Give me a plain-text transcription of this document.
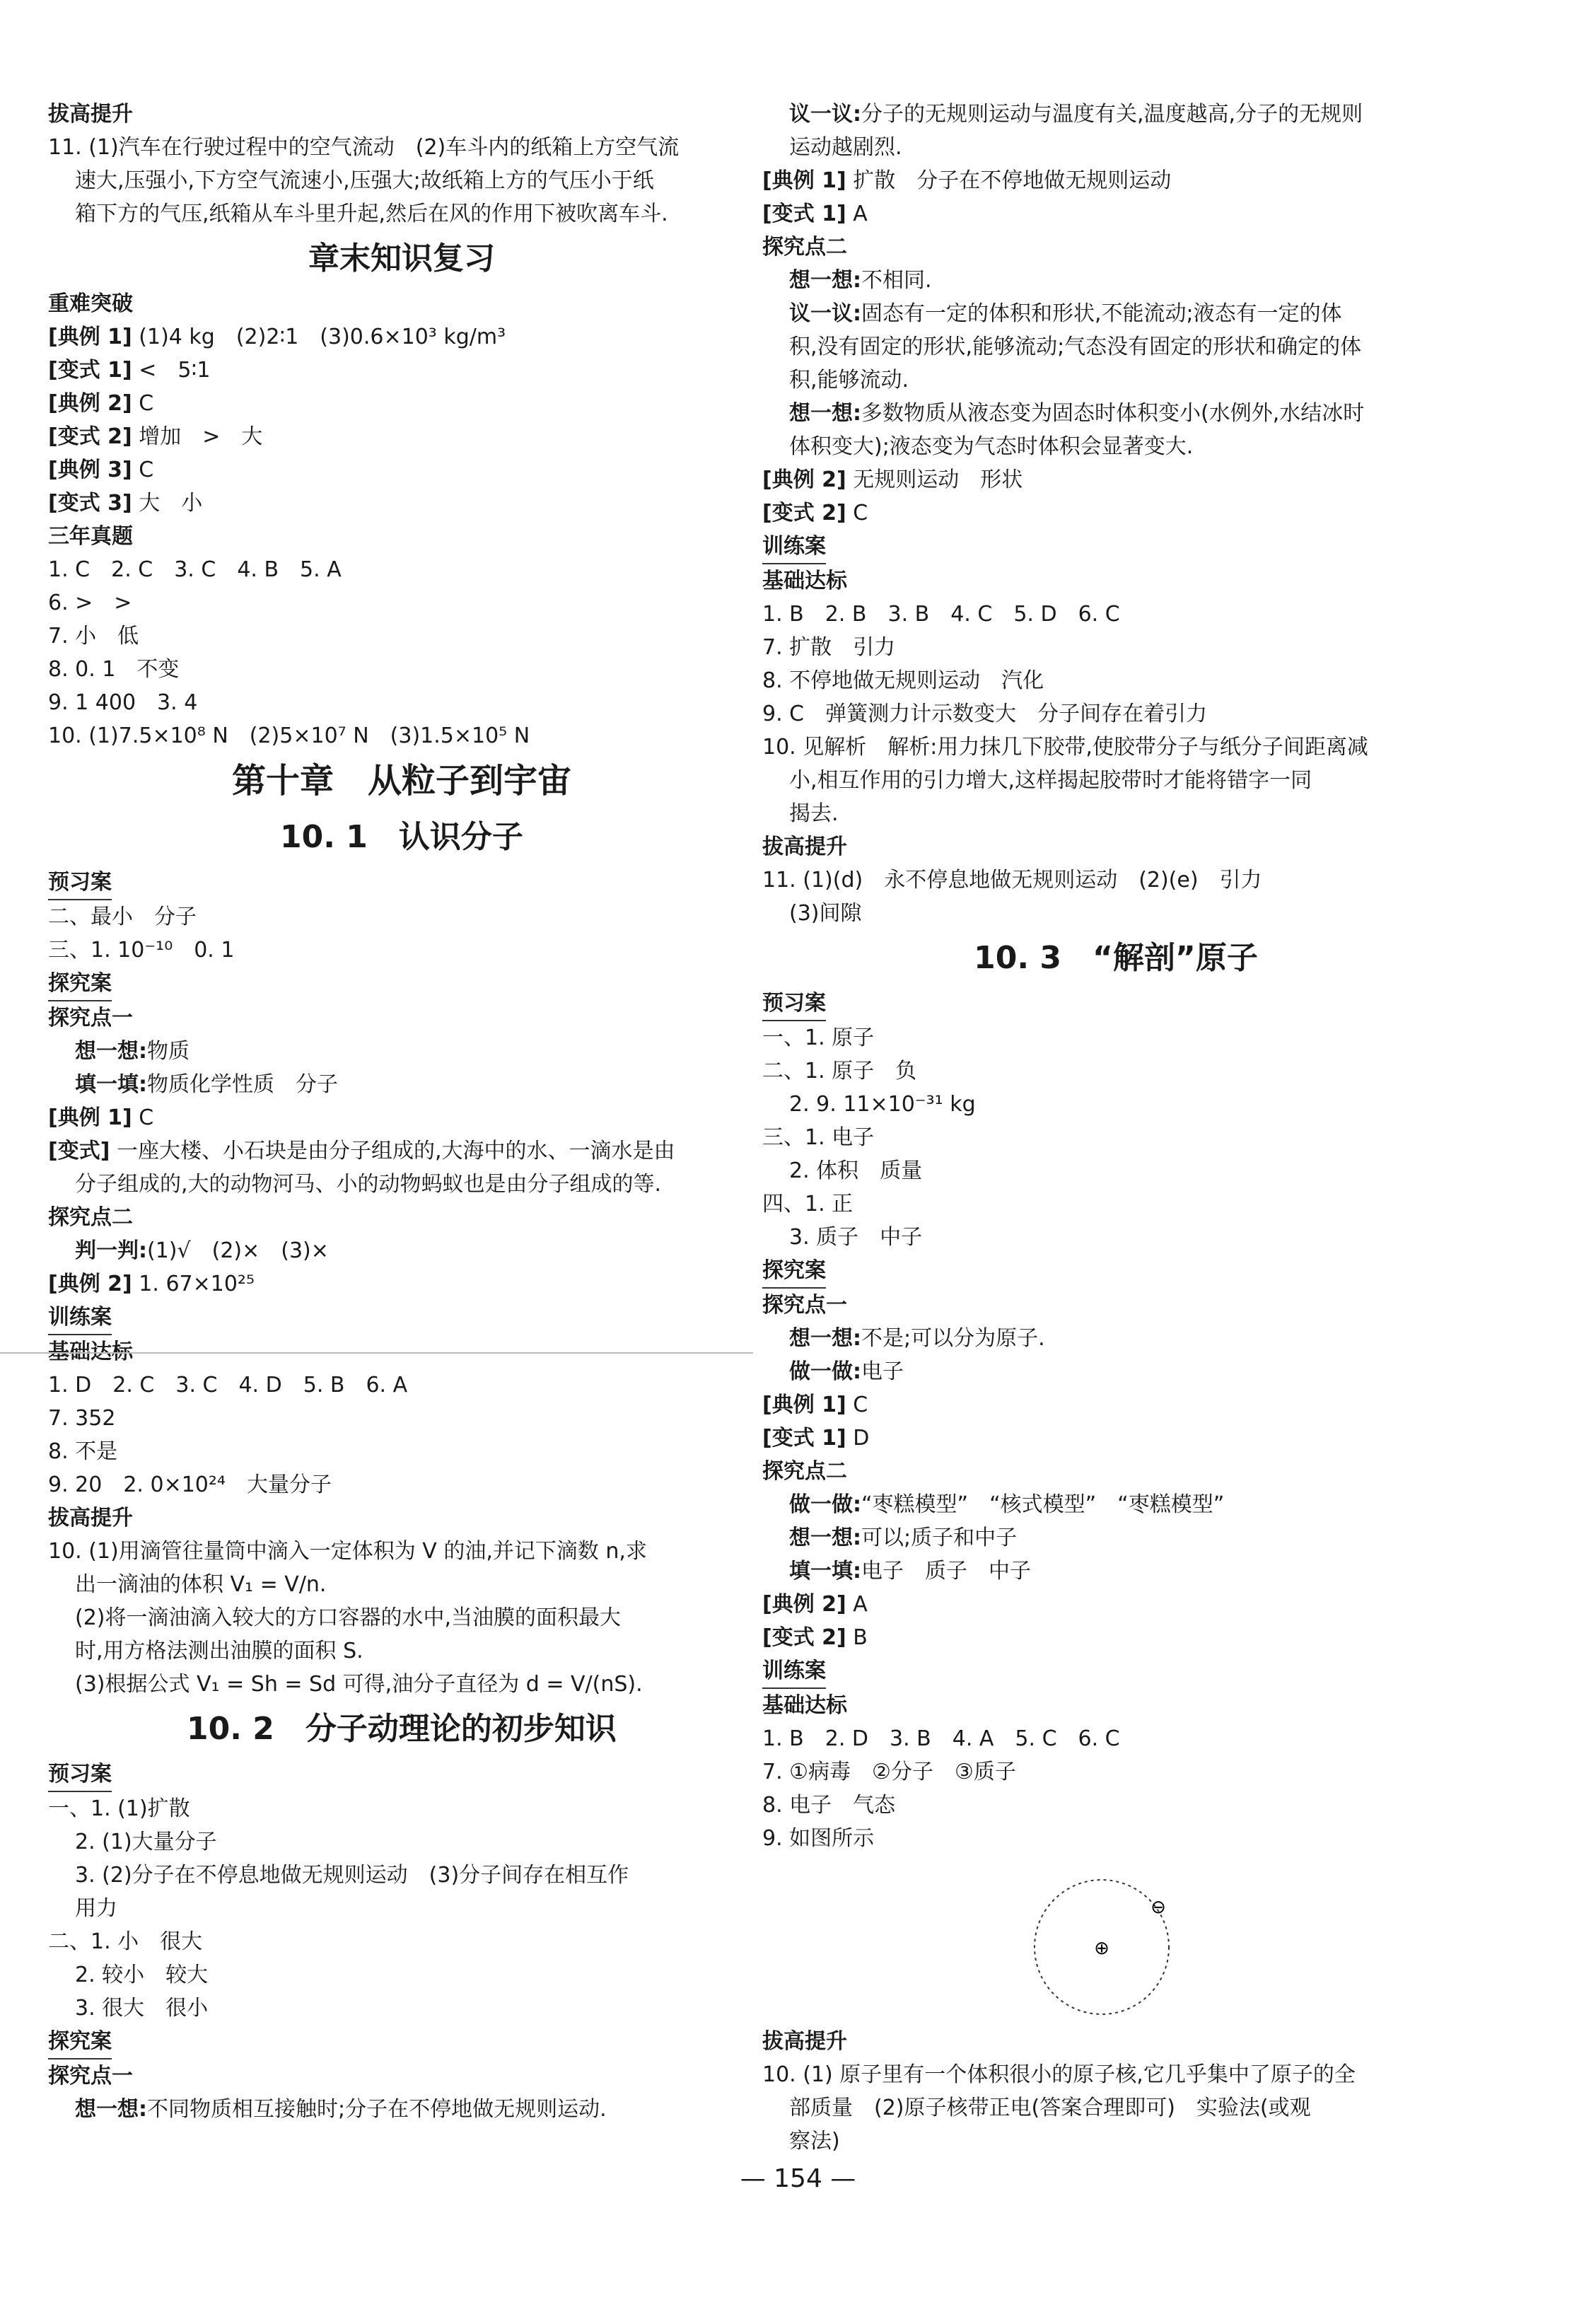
拔高提升
11. (1)汽车在行驶过程中的空气流动　(2)车斗内的纸箱上方空气流
速大,压强小,下方空气流速小,压强大;故纸箱上方的气压小于纸
箱下方的气压,纸箱从车斗里升起,然后在风的作用下被吹离车斗.
章末知识复习
重难突破
[典例 1] (1)4 kg　(2)2∶1　(3)0.6×10³ kg/m³
[变式 1] <　5∶1
[典例 2] C
[变式 2] 增加　>　大
[典例 3] C
[变式 3] 大　小
三年真题
1. C　2. C　3. C　4. B　5. A
6. >　>
7. 小　低
8. 0. 1　不变
9. 1 400　3. 4
10. (1)7.5×10⁸ N　(2)5×10⁷ N　(3)1.5×10⁵ N
第十章　从粒子到宇宙
10. 1　认识分子
预习案
二、最小　分子
三、1. 10⁻¹⁰　0. 1
探究案
探究点一
想一想:物质
填一填:物质化学性质　分子
[典例 1] C
[变式] 一座大楼、小石块是由分子组成的,大海中的水、一滴水是由
分子组成的,大的动物河马、小的动物蚂蚁也是由分子组成的等.
探究点二
判一判:(1)√　(2)×　(3)×
[典例 2] 1. 67×10²⁵
训练案
基础达标
1. D　2. C　3. C　4. D　5. B　6. A
7. 352
8. 不是
9. 20　2. 0×10²⁴　大量分子
拔高提升
10. (1)用滴管往量筒中滴入一定体积为 V 的油,并记下滴数 n,求
出一滴油的体积 V₁ = V/n.
(2)将一滴油滴入较大的方口容器的水中,当油膜的面积最大
时,用方格法测出油膜的面积 S.
(3)根据公式 V₁ = Sh = Sd 可得,油分子直径为 d = V/(nS).
10. 2　分子动理论的初步知识
预习案
一、1. (1)扩散
2. (1)大量分子
3. (2)分子在不停息地做无规则运动　(3)分子间存在相互作
用力
二、1. 小　很大
2. 较小　较大
3. 很大　很小
探究案
探究点一
想一想:不同物质相互接触时;分子在不停地做无规则运动.
议一议:分子的无规则运动与温度有关,温度越高,分子的无规则
运动越剧烈.
[典例 1] 扩散　分子在不停地做无规则运动
[变式 1] A
探究点二
想一想:不相同.
议一议:固态有一定的体积和形状,不能流动;液态有一定的体
积,没有固定的形状,能够流动;气态没有固定的形状和确定的体
积,能够流动.
想一想:多数物质从液态变为固态时体积变小(水例外,水结冰时
体积变大);液态变为气态时体积会显著变大.
[典例 2] 无规则运动　形状
[变式 2] C
训练案
基础达标
1. B　2. B　3. B　4. C　5. D　6. C
7. 扩散　引力
8. 不停地做无规则运动　汽化
9. C　弹簧测力计示数变大　分子间存在着引力
10. 见解析　解析:用力抹几下胶带,使胶带分子与纸分子间距离减
小,相互作用的引力增大,这样揭起胶带时才能将错字一同
揭去.
拔高提升
11. (1)(d)　永不停息地做无规则运动　(2)(e)　引力
(3)间隙
10. 3　“解剖”原子
预习案
一、1. 原子
二、1. 原子　负
2. 9. 11×10⁻³¹ kg
三、1. 电子
2. 体积　质量
四、1. 正
3. 质子　中子
探究案
探究点一
想一想:不是;可以分为原子.
做一做:电子
[典例 1] C
[变式 1] D
探究点二
做一做:“枣糕模型”　“核式模型”　“枣糕模型”
想一想:可以;质子和中子
填一填:电子　质子　中子
[典例 2] A
[变式 2] B
训练案
基础达标
1. B　2. D　3. B　4. A　5. C　6. C
7. ①病毒　②分子　③质子
8. 电子　气态
9. 如图所示
⊕
⊖
拔高提升
10. (1) 原子里有一个体积很小的原子核,它几乎集中了原子的全
部质量　(2)原子核带正电(答案合理即可)　实验法(或观
察法)
— 154 —
